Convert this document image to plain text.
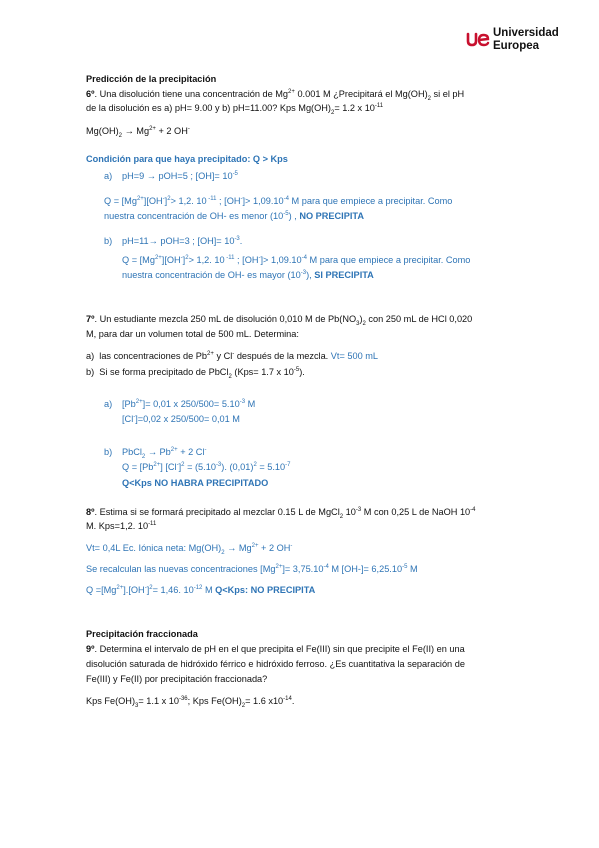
Universidad
Europea
Predicción de la precipitación
6º. Una disolución tiene una concentración de $Mg^{2+}$ 0.001 M ¿Precipitará el $Mg(OH)_2$ si el pH
de la disolución es a) pH= 9.00 y b) pH=11.00? Kps $Mg(OH)_2= 1.2$ x $10^{-11}$
$Mg(OH)_2 \to Mg^{2+} + 2$ OH-
Condición para que haya precipitado: Q > Kps
a) pH=9 → pOH=5 ; $[OH]= 10^{-5}$
$Q = [Mg^{2+}][OH^-]^2> 1,2$. 10 $^{-11}$ ; $[OH^-]> 1,09.10^{-4}$ M para que empiece a precipitar. Como
nuestra concentración de OH- es menor $(10^{-5})$ , NO PRECIPITA
b) pH=11→ pOH=3 ; $[OH]= 10^{-3}$.
$Q = [Mg^{2+}][OH^-]^2> 1,2$. 10 $^{-11}$ ; $[OH^-]> 1,09.10^{-4}$ M para que empiece a precipitar. Como
nuestra concentración de OH- es mayor $(10^{-3})$, SI PRECIPITA
7º. Un estudiante mezcla 250 mL de disolución 0,010 M de $Pb(NO_3)_2$ con 250 mL de HCl 0,020
M, para dar un volumen total de 500 mL. Determina:
a) las concentraciones de $Pb^{2+}$ y Cl- después de la mezcla. Vt= 500 mL
b) Si se forma precipitado de PbCl$_2$ (Kps= 1.7 x $10^{-5}$).
a) $[Pb^{2+}]= 0,01$ x $250/500= 5.10^{-3}$ M
[Cl-]=0,02 x 250/500= 0,01 M
b) PbCl$_2$ → $Pb^{2+} + 2$ Cl-
$Q = [Pb^{2+}] [Cl^-]^2 = (5.10^{-3})$. $(0,01)^2 = 5.10^{-7}$
Q<Kps NO HABRA PRECIPITADO
8º. Estima si se formará precipitado al mezclar 0.15 L de MgCl$_2$ $10^{-3}$ M con 0,25 L de NaOH $10^{-4}$
M. Kps=1,2. $10^{-11}$
Vt= 0,4L Ec. Iónica neta: $Mg(OH)_2 \to Mg^{2+} + 2$ OH-
Se recalculan las nuevas concentraciones $[Mg^{2+}]= 3,75.10^{-4}$ M $[OH-]= 6,25.10^{-5}$ M
$Q =[Mg^{2+}].[OH^-]^2= 1,46$. $10^{-12}$ M Q<Kps: NO PRECIPITA
Precipitación fraccionada
9º. Determina el intervalo de pH en el que precipita el Fe(III) sin que precipite el Fe(II) en una
disolución saturada de hidróxido férrico e hidróxido ferroso. ¿Es cuantitativa la separación de
Fe(III) y Fe(II) por precipitación fraccionada?
Kps $Fe(OH)_3= 1.1$ x $10^{-36}$; Kps $Fe(OH)_2= 1.6$ $x10^{-14}$.
